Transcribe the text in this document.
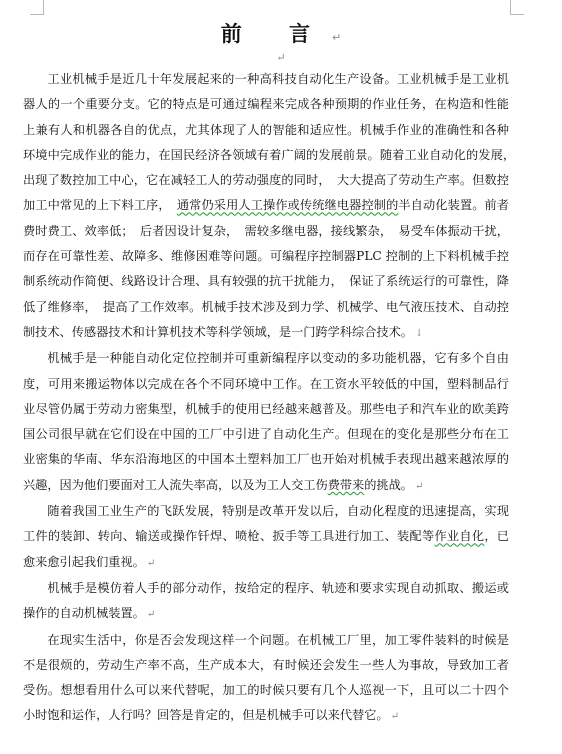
前 言 ↵
↵

工业机械手是近几十年发展起来的一种高科技自动化生产设备。工业机械手是工业机器人的一个重要分支。它的特点是可通过编程来完成各种预期的作业任务，在构造和性能上兼有人和机器各自的优点，尤其体现了人的智能和适应性。机械手作业的准确性和各种环境中完成作业的能力，在国民经济各领域有着广阔的发展前景。随着工业自动化的发展，　出现了数控加工中心，它在减轻工人的劳动强度的同时，　大大提高了劳动生产率。但数控加工中常见的上下料工序，　通常仍采用人工操作或传统继电器控制的半自动化装置。前者费时费工、效率低；　后者因设计复杂，　需较多继电器，接线繁杂，　易受车体振动干扰，而存在可靠性差、故障多、维修困难等问题。可编程序控制器PLC 控制的上下料机械手控制系统动作简便、线路设计合理、具有较强的抗干扰能力，　保证了系统运行的可靠性，降低了维修率，　提高了工作效率。机械手技术涉及到力学、机械学、电气液压技术、自动控制技术、传感器技术和计算机技术等科学领域，是一门跨学科综合技术。 ↓

机械手是一种能自动化定位控制并可重新编程序以变动的多功能机器，它有多个自由度，可用来搬运物体以完成在各个不同环境中工作。在工资水平较低的中国，塑料制品行业尽管仍属于劳动力密集型，机械手的使用已经越来越普及。那些电子和汽车业的欧美跨国公司很早就在它们设在中国的工厂中引进了自动化生产。但现在的变化是那些分布在工业密集的华南、华东沿海地区的中国本土塑料加工厂也开始对机械手表现出越来越浓厚的兴趣，因为他们要面对工人流失率高，以及为工人交工伤费带来的挑战。 ↵

随着我国工业生产的飞跃发展，特别是改革开发以后，自动化程度的迅速提高，实现工件的装卸、转向、输送或操作钎焊、喷枪、扳手等工具进行加工、装配等作业自化，已愈来愈引起我们重视。 ↵

机械手是模仿着人手的部分动作，按给定的程序、轨迹和要求实现自动抓取、搬运或操作的自动机械装置。 ↵

在现实生活中，你是否会发现这样一个问题。在机械工厂里，加工零件装料的时候是不是很烦的，劳动生产率不高，生产成本大，有时候还会发生一些人为事故，导致加工者受伤。想想看用什么可以来代替呢，加工的时候只要有几个人巡视一下，且可以二十四个小时饱和运作，人行吗？回答是肯定的，但是机械手可以来代替它。 ↵
